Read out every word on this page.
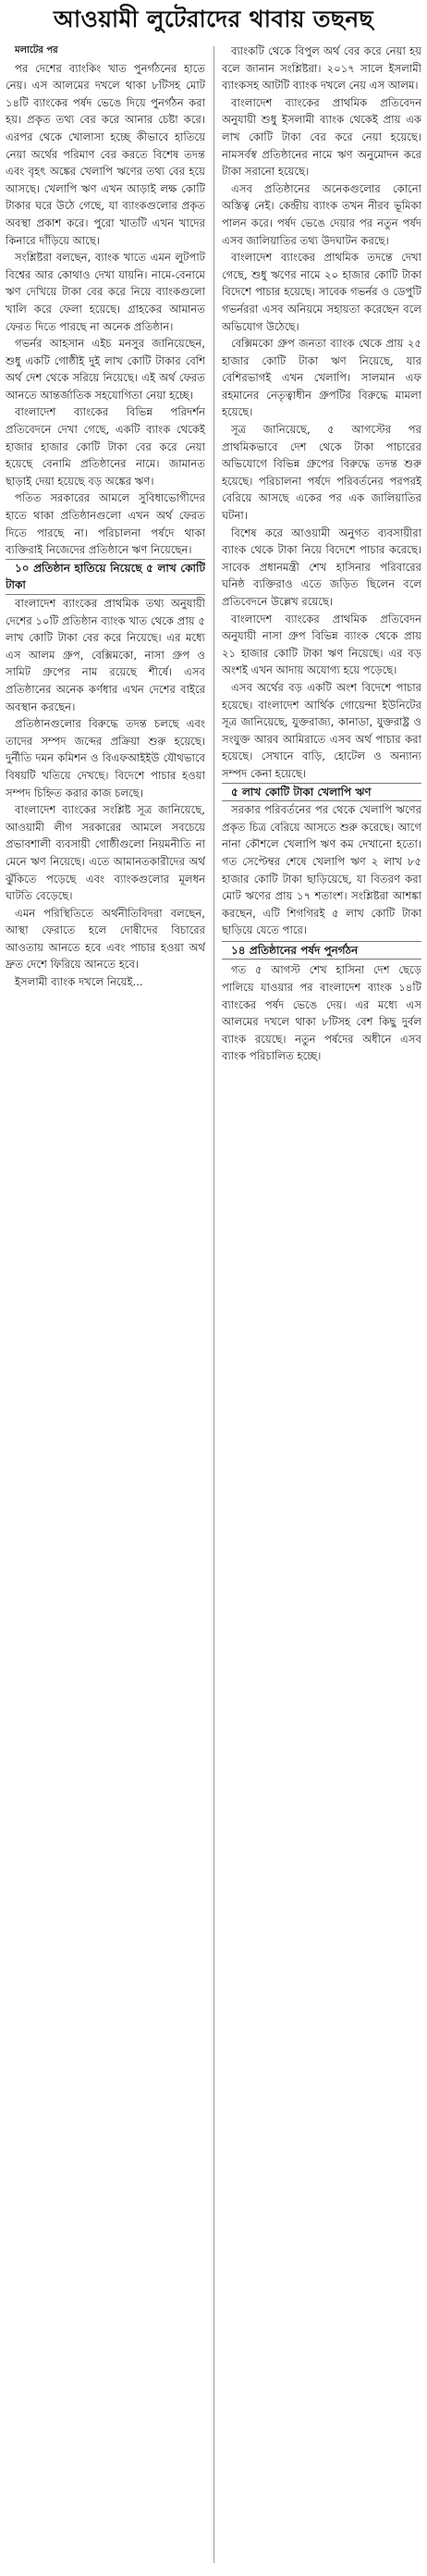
আওয়ামী লুটেরাদের থাবায় তছনছ

মলাটের পর

পর দেশের ব্যাংকিং খাত পুনর্গঠনের হাতে নেয়। এস আলমের দখলে থাকা ৮টিসহ মোট ১৪টি ব্যাংকের পর্ষদ ভেঙে দিয়ে পুনর্গঠন করা হয়। প্রকৃত তথ্য বের করে আনার চেষ্টা করে। এরপর থেকে খোলাসা হচ্ছে কীভাবে হাতিয়ে নেয়া অর্থের পরিমাণ বের করতে বিশেষ তদন্ত এবং বৃহৎ অঙ্কের খেলাপি ঋণের তথ্য বের হয়ে আসছে। খেলাপি ঋণ এখন আড়াই লক্ষ কোটি টাকার ঘরে উঠে গেছে, যা ব্যাংকগুলোর প্রকৃত অবস্থা প্রকাশ করে। পুরো খাতটি এখন খাদের কিনারে দাঁড়িয়ে আছে।

সংশ্লিষ্টরা বলছেন, ব্যাংক খাতে এমন লুটপাট বিশ্বের আর কোথাও দেখা যায়নি। নামে-বেনামে ঋণ দেখিয়ে টাকা বের করে নিয়ে ব্যাংকগুলো খালি করে ফেলা হয়েছে। গ্রাহকের আমানত ফেরত দিতে পারছে না অনেক প্রতিষ্ঠান।

গভর্নর আহসান এইচ মনসুর জানিয়েছেন, শুধু একটি গোষ্ঠীই দুই লাখ কোটি টাকার বেশি অর্থ দেশ থেকে সরিয়ে নিয়েছে। এই অর্থ ফেরত আনতে আন্তর্জাতিক সহযোগিতা নেয়া হচ্ছে।

বাংলাদেশ ব্যাংকের বিভিন্ন পরিদর্শন প্রতিবেদনে দেখা গেছে, একটি ব্যাংক থেকেই হাজার হাজার কোটি টাকা বের করে নেয়া হয়েছে বেনামি প্রতিষ্ঠানের নামে। জামানত ছাড়াই দেয়া হয়েছে বড় অঙ্কের ঋণ।

পতিত সরকারের আমলে সুবিধাভোগীদের হাতে থাকা প্রতিষ্ঠানগুলো এখন অর্থ ফেরত দিতে পারছে না। পরিচালনা পর্ষদে থাকা ব্যক্তিরাই নিজেদের প্রতিষ্ঠানে ঋণ নিয়েছেন।

১০ প্রতিষ্ঠান হাতিয়ে নিয়েছে ৫ লাখ কোটি টাকা

বাংলাদেশ ব্যাংকের প্রাথমিক তথ্য অনুযায়ী দেশের ১০টি প্রতিষ্ঠান ব্যাংক খাত থেকে প্রায় ৫ লাখ কোটি টাকা বের করে নিয়েছে। এর মধ্যে এস আলম গ্রুপ, বেক্সিমকো, নাসা গ্রুপ ও সামিট গ্রুপের নাম রয়েছে শীর্ষে। এসব প্রতিষ্ঠানের অনেক কর্ণধার এখন দেশের বাইরে অবস্থান করছেন।

প্রতিষ্ঠানগুলোর বিরুদ্ধে তদন্ত চলছে এবং তাদের সম্পদ জব্দের প্রক্রিয়া শুরু হয়েছে। দুর্নীতি দমন কমিশন ও বিএফআইইউ যৌথভাবে বিষয়টি খতিয়ে দেখছে। বিদেশে পাচার হওয়া সম্পদ চিহ্নিত করার কাজ চলছে।

বাংলাদেশ ব্যাংকের সংশ্লিষ্ট সূত্র জানিয়েছে, আওয়ামী লীগ সরকারের আমলে সবচেয়ে প্রভাবশালী ব্যবসায়ী গোষ্ঠীগুলো নিয়মনীতি না মেনে ঋণ নিয়েছে। এতে আমানতকারীদের অর্থ ঝুঁকিতে পড়েছে এবং ব্যাংকগুলোর মূলধন ঘাটতি বেড়েছে।

এমন পরিস্থিতিতে অর্থনীতিবিদরা বলছেন, আস্থা ফেরাতে হলে দোষীদের বিচারের আওতায় আনতে হবে এবং পাচার হওয়া অর্থ দ্রুত দেশে ফিরিয়ে আনতে হবে।

ইসলামী ব্যাংক দখলে নিয়েই...

ব্যাংকটি থেকে বিপুল অর্থ বের করে নেয়া হয় বলে জানান সংশ্লিষ্টরা। ২০১৭ সালে ইসলামী ব্যাংকসহ আটটি ব্যাংক দখলে নেয় এস আলম।

বাংলাদেশ ব্যাংকের প্রাথমিক প্রতিবেদন অনুযায়ী শুধু ইসলামী ব্যাংক থেকেই প্রায় এক লাখ কোটি টাকা বের করে নেয়া হয়েছে। নামসর্বস্ব প্রতিষ্ঠানের নামে ঋণ অনুমোদন করে টাকা সরানো হয়েছে।

এসব প্রতিষ্ঠানের অনেকগুলোর কোনো অস্তিত্ব নেই। কেন্দ্রীয় ব্যাংক তখন নীরব ভূমিকা পালন করে। পর্ষদ ভেঙে দেয়ার পর নতুন পর্ষদ এসব জালিয়াতির তথ্য উদঘাটন করছে।

বাংলাদেশ ব্যাংকের প্রাথমিক তদন্তে দেখা গেছে, শুধু ঋণের নামে ২০ হাজার কোটি টাকা বিদেশে পাচার হয়েছে। সাবেক গভর্নর ও ডেপুটি গভর্নররা এসব অনিয়মে সহায়তা করেছেন বলে অভিযোগ উঠেছে।

বেক্সিমকো গ্রুপ জনতা ব্যাংক থেকে প্রায় ২৫ হাজার কোটি টাকা ঋণ নিয়েছে, যার বেশিরভাগই এখন খেলাপি। সালমান এফ রহমানের নেতৃত্বাধীন গ্রুপটির বিরুদ্ধে মামলা হয়েছে।

সূত্র জানিয়েছে, ৫ আগস্টের পর প্রাথমিকভাবে দেশ থেকে টাকা পাচারের অভিযোগে বিভিন্ন গ্রুপের বিরুদ্ধে তদন্ত শুরু হয়েছে। পরিচালনা পর্ষদে পরিবর্তনের পরপরই বেরিয়ে আসছে একের পর এক জালিয়াতির ঘটনা।

বিশেষ করে আওয়ামী অনুগত ব্যবসায়ীরা ব্যাংক থেকে টাকা নিয়ে বিদেশে পাচার করেছে। সাবেক প্রধানমন্ত্রী শেখ হাসিনার পরিবারের ঘনিষ্ঠ ব্যক্তিরাও এতে জড়িত ছিলেন বলে প্রতিবেদনে উল্লেখ রয়েছে।

বাংলাদেশ ব্যাংকের প্রাথমিক প্রতিবেদন অনুযায়ী নাসা গ্রুপ বিভিন্ন ব্যাংক থেকে প্রায় ২১ হাজার কোটি টাকা ঋণ নিয়েছে। এর বড় অংশই এখন আদায় অযোগ্য হয়ে পড়েছে।

এসব অর্থের বড় একটি অংশ বিদেশে পাচার হয়েছে। বাংলাদেশ আর্থিক গোয়েন্দা ইউনিটের সূত্র জানিয়েছে, যুক্তরাজ্য, কানাডা, যুক্তরাষ্ট্র ও সংযুক্ত আরব আমিরাতে এসব অর্থ পাচার করা হয়েছে। সেখানে বাড়ি, হোটেল ও অন্যান্য সম্পদ কেনা হয়েছে।

৫ লাখ কোটি টাকা খেলাপি ঋণ

সরকার পরিবর্তনের পর থেকে খেলাপি ঋণের প্রকৃত চিত্র বেরিয়ে আসতে শুরু করেছে। আগে নানা কৌশলে খেলাপি ঋণ কম দেখানো হতো। গত সেপ্টেম্বর শেষে খেলাপি ঋণ ২ লাখ ৮৫ হাজার কোটি টাকা ছাড়িয়েছে, যা বিতরণ করা মোট ঋণের প্রায় ১৭ শতাংশ। সংশ্লিষ্টরা আশঙ্কা করছেন, এটি শিগগিরই ৫ লাখ কোটি টাকা ছাড়িয়ে যেতে পারে।

১৪ প্রতিষ্ঠানের পর্ষদ পুনর্গঠন

গত ৫ আগস্ট শেখ হাসিনা দেশ ছেড়ে পালিয়ে যাওয়ার পর বাংলাদেশ ব্যাংক ১৪টি ব্যাংকের পর্ষদ ভেঙে দেয়। এর মধ্যে এস আলমের দখলে থাকা ৮টিসহ বেশ কিছু দুর্বল ব্যাংক রয়েছে। নতুন পর্ষদের অধীনে এসব ব্যাংক পরিচালিত হচ্ছে।
